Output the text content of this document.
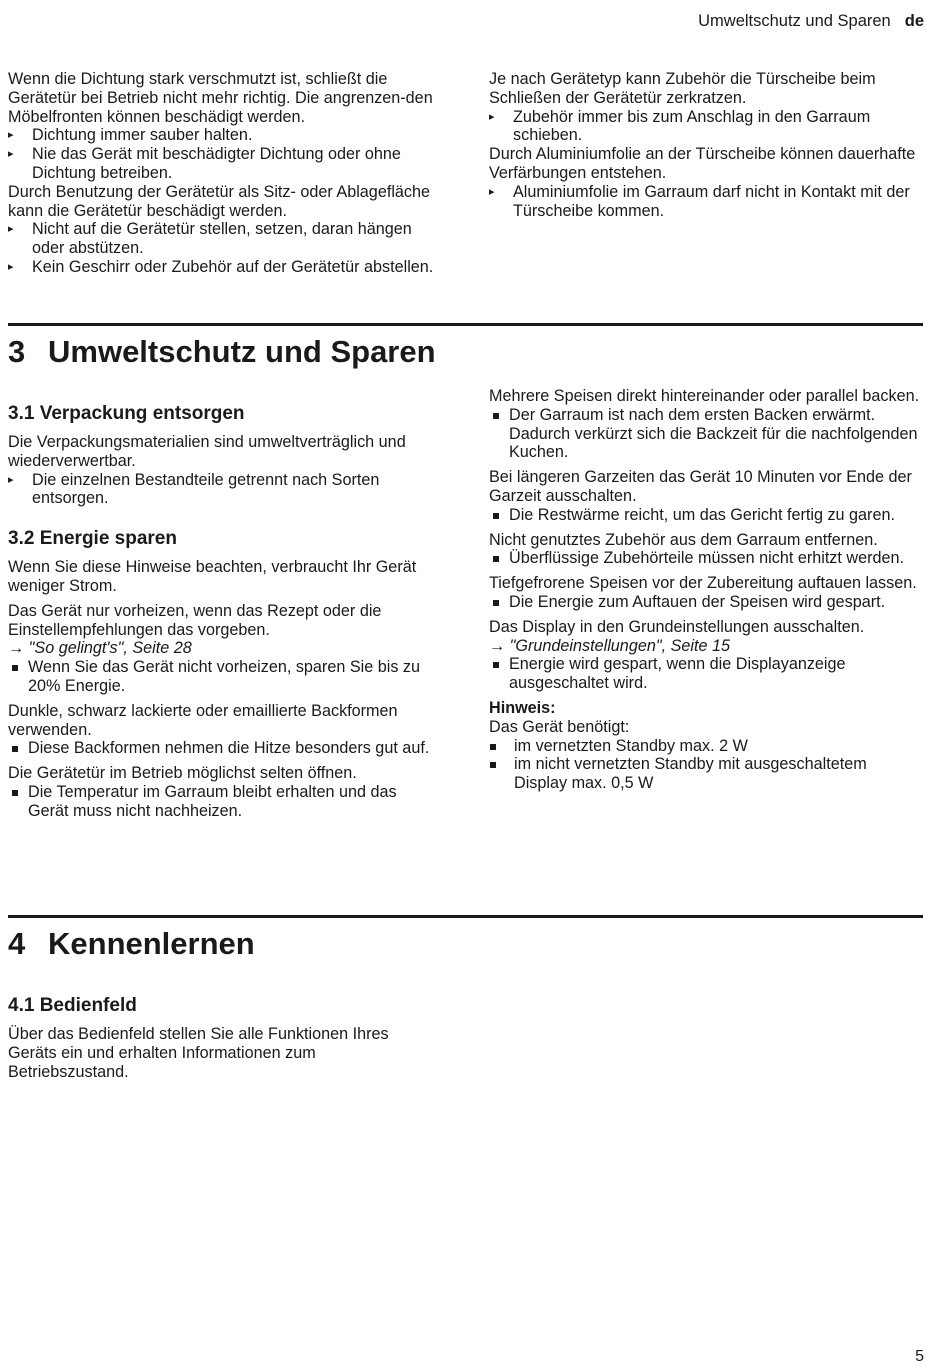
Umweltschutz und Sparen de

Wenn die Dichtung stark verschmutzt ist, schließt die Gerätetür bei Betrieb nicht mehr richtig. Die angrenzen-den Möbelfronten können beschädigt werden.

▸ Dichtung immer sauber halten.

▸ Nie das Gerät mit beschädigter Dichtung oder ohne Dichtung betreiben.

Durch Benutzung der Gerätetür als Sitz- oder Ablagefläche kann die Gerätetür beschädigt werden.

▸ Nicht auf die Gerätetür stellen, setzen, daran hängen oder abstützen.

▸ Kein Geschirr oder Zubehör auf der Gerätetür abstellen.

Je nach Gerätetyp kann Zubehör die Türscheibe beim Schließen der Gerätetür zerkratzen.

▸ Zubehör immer bis zum Anschlag in den Garraum schieben.

Durch Aluminiumfolie an der Türscheibe können dauerhafte Verfärbungen entstehen.

▸ Aluminiumfolie im Garraum darf nicht in Kontakt mit der Türscheibe kommen.

3 Umweltschutz und Sparen
3.1 Verpackung entsorgen

Die Verpackungsmaterialien sind umweltverträglich und wiederverwertbar.

▸ Die einzelnen Bestandteile getrennt nach Sorten entsorgen.

3.2 Energie sparen

Wenn Sie diese Hinweise beachten, verbraucht Ihr Gerät weniger Strom.

Das Gerät nur vorheizen, wenn das Rezept oder die Einstellempfehlungen das vorgeben.

→ "So gelingt's", Seite 28

Wenn Sie das Gerät nicht vorheizen, sparen Sie bis zu 20% Energie.

Dunkle, schwarz lackierte oder emaillierte Backformen verwenden.

Diese Backformen nehmen die Hitze besonders gut auf.

Die Gerätetür im Betrieb möglichst selten öffnen.

Die Temperatur im Garraum bleibt erhalten und das Gerät muss nicht nachheizen.

Mehrere Speisen direkt hintereinander oder parallel backen.

Der Garraum ist nach dem ersten Backen erwärmt. Dadurch verkürzt sich die Backzeit für die nachfolgenden Kuchen.

Bei längeren Garzeiten das Gerät 10 Minuten vor Ende der Garzeit ausschalten.

Die Restwärme reicht, um das Gericht fertig zu garen.

Nicht genutztes Zubehör aus dem Garraum entfernen.

Überflüssige Zubehörteile müssen nicht erhitzt werden.

Tiefgefrorene Speisen vor der Zubereitung auftauen lassen.

Die Energie zum Auftauen der Speisen wird gespart.

Das Display in den Grundeinstellungen ausschalten.

→ "Grundeinstellungen", Seite 15

Energie wird gespart, wenn die Displayanzeige ausgeschaltet wird.

Hinweis:

Das Gerät benötigt:

im vernetzten Standby max. 2 W

im nicht vernetzten Standby mit ausgeschaltetem Display max. 0,5 W

4 Kennenlernen
4.1 Bedienfeld

Über das Bedienfeld stellen Sie alle Funktionen Ihres Geräts ein und erhalten Informationen zum Betriebszustand.

5
